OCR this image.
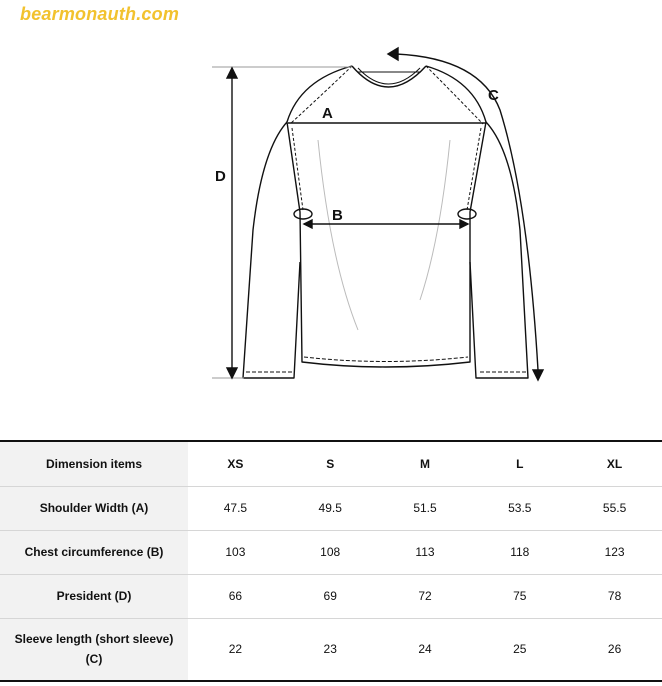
bearmonauth.com
A
B
C
D
Dimension items	XS	S	M	L	XL
Shoulder Width (A)	47.5	49.5	51.5	53.5	55.5
Chest circumference (B)	103	108	113	118	123
President (D)	66	69	72	75	78
Sleeve length (short sleeve) (C)	22	23	24	25	26
